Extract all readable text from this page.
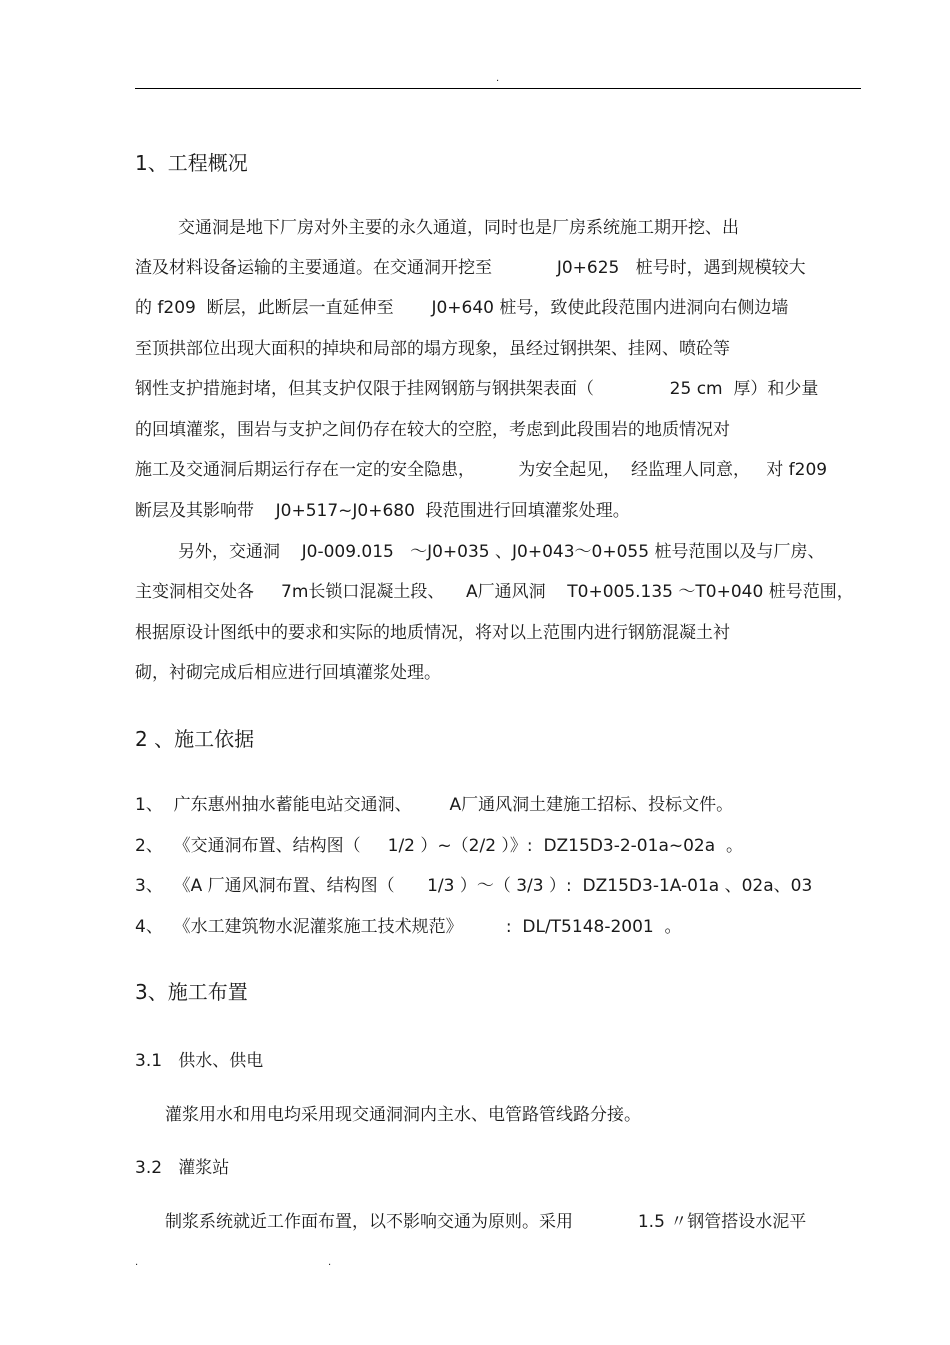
.
1、工程概况
交通洞是地下厂房对外主要的永久通道，同时也是厂房系统施工期开挖、出
渣及材料设备运输的主要通道。在交通洞开挖至            J0+625   桩号时，遇到规模较大
的 f209  断层，此断层一直延伸至       J0+640 桩号，致使此段范围内进洞向右侧边墙
至顶拱部位出现大面积的掉块和局部的塌方现象，虽经过钢拱架、挂网、喷砼等
钢性支护措施封堵，但其支护仅限于挂网钢筋与钢拱架表面（              25 cm  厚）和少量
的回填灌浆，围岩与支护之间仍存在较大的空腔，考虑到此段围岩的地质情况对
施工及交通洞后期运行存在一定的安全隐患，        为安全起见，  经监理人同意，   对 f209
断层及其影响带    J0+517~J0+680  段范围进行回填灌浆处理。
另外，交通洞    J0-009.015   ～J0+035 、J0+043～0+055 桩号范围以及与厂房、
主变洞相交处各     7m长锁口混凝土段、    A厂通风洞    T0+005.135 ～T0+040 桩号范围，
根据原设计图纸中的要求和实际的地质情况，将对以上范围内进行钢筋混凝土衬
砌，衬砌完成后相应进行回填灌浆处理。
2 、施工依据
1、  广东惠州抽水蓄能电站交通洞、       A厂通风洞土建施工招标、投标文件。
2、  《交通洞布置、结构图（     1/2 ）~（2/2 ）》:  DZ15D3-2-01a~02a  。
3、  《A 厂通风洞布置、结构图（      1/3 ）～（ 3/3 ）:  DZ15D3-1A-01a 、02a、03
4、  《水工建筑物水泥灌浆施工技术规范》        :  DL/T5148-2001  。
3、施工布置
3.1   供水、供电
灌浆用水和用电均采用现交通洞洞内主水、电管路管线路分接。
3.2   灌浆站
制浆系统就近工作面布置，以不影响交通为原则。采用            1.5 〃钢管搭设水泥平
.	.
